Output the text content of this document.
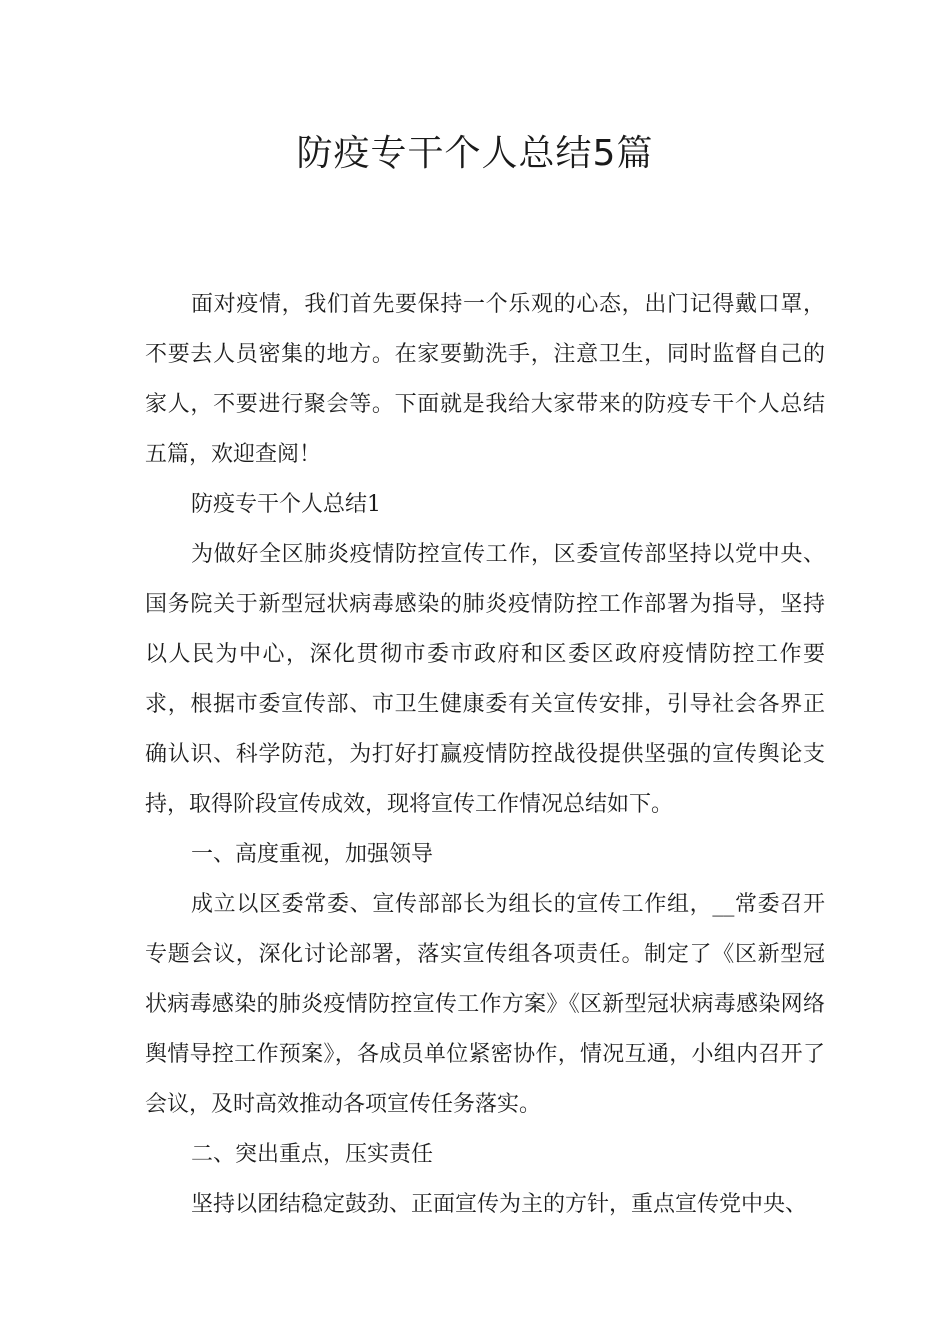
防疫专干个人总结5篇

面对疫情，我们首先要保持一个乐观的心态，出门记得戴口罩，不要去人员密集的地方。在家要勤洗手，注意卫生，同时监督自己的家人，不要进行聚会等。下面就是我给大家带来的防疫专干个人总结五篇，欢迎查阅！

防疫专干个人总结1

为做好全区肺炎疫情防控宣传工作，区委宣传部坚持以党中央、国务院关于新型冠状病毒感染的肺炎疫情防控工作部署为指导，坚持以人民为中心，深化贯彻市委市政府和区委区政府疫情防控工作要求，根据市委宣传部、市卫生健康委有关宣传安排，引导社会各界正确认识、科学防范，为打好打赢疫情防控战役提供坚强的宣传舆论支持，取得阶段宣传成效，现将宣传工作情况总结如下。

一、高度重视，加强领导

成立以区委常委、宣传部部长为组长的宣传工作组，__常委召开专题会议，深化讨论部署，落实宣传组各项责任。制定了《区新型冠状病毒感染的肺炎疫情防控宣传工作方案》《区新型冠状病毒感染网络舆情导控工作预案》，各成员单位紧密协作，情况互通，小组内召开了会议，及时高效推动各项宣传任务落实。

二、突出重点，压实责任

坚持以团结稳定鼓劲、正面宣传为主的方针，重点宣传党中央、
